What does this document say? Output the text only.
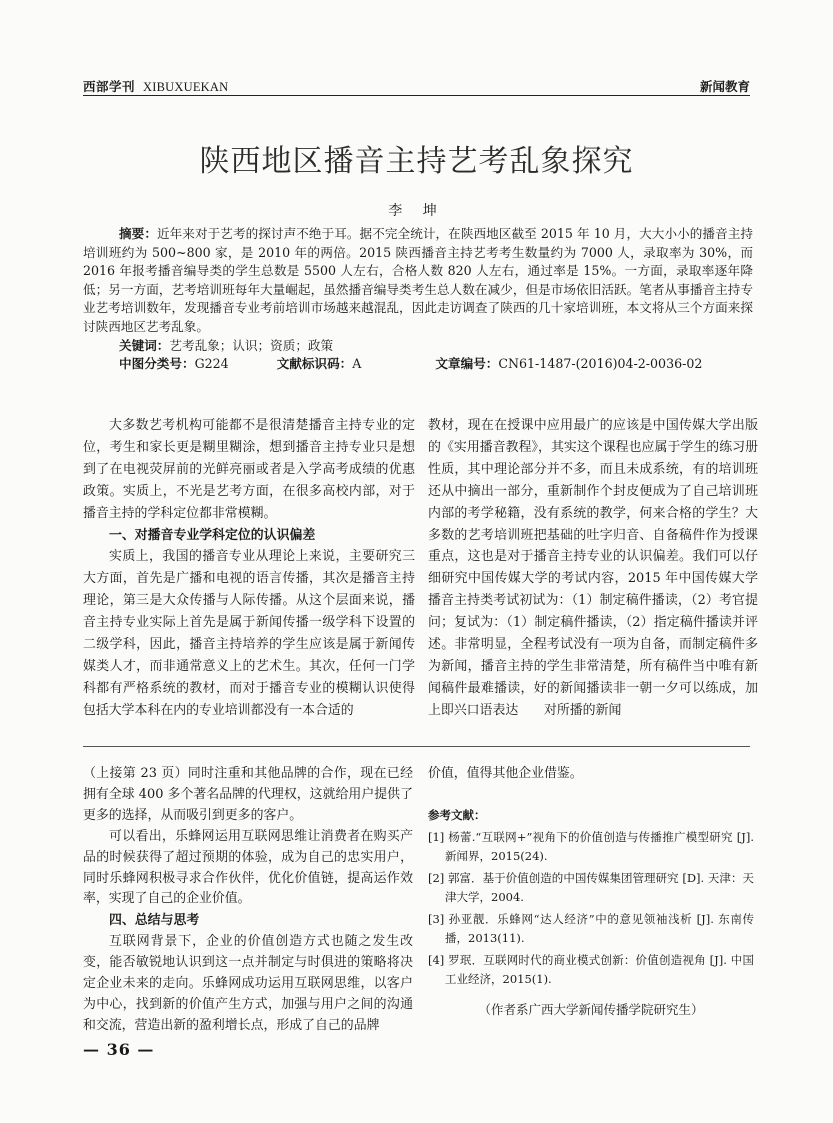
西部学刊 XIBUXUEKAN	新闻教育
陕西地区播音主持艺考乱象探究
李 坤
摘要：近年来对于艺考的探讨声不绝于耳。据不完全统计，在陕西地区截至 2015 年 10 月，大大小小的播音主持培训班约为 500~800 家，是 2010 年的两倍。2015 陕西播音主持艺考考生数量约为 7000 人，录取率为 30%，而 2016 年报考播音编导类的学生总数是 5500 人左右，合格人数 820 人左右，通过率是 15%。一方面，录取率逐年降低；另一方面，艺考培训班每年大量崛起，虽然播音编导类考生总人数在减少，但是市场依旧活跃。笔者从事播音主持专业艺考培训数年，发现播音专业考前培训市场越来越混乱，因此走访调查了陕西的几十家培训班，本文将从三个方面来探讨陕西地区艺考乱象。
关键词：艺考乱象；认识；资质；政策
中图分类号：G224	文献标识码：A	文章编号：CN61-1487-(2016)04-2-0036-02

大多数艺考机构可能都不是很清楚播音主持专业的定位，考生和家长更是糊里糊涂，想到播音主持专业只是想到了在电视荧屏前的光鲜亮丽或者是入学高考成绩的优惠政策。实质上，不光是艺考方面，在很多高校内部，对于播音主持的学科定位都非常模糊。

一、对播音专业学科定位的认识偏差

实质上，我国的播音专业从理论上来说，主要研究三大方面，首先是广播和电视的语言传播，其次是播音主持理论，第三是大众传播与人际传播。从这个层面来说，播音主持专业实际上首先是属于新闻传播一级学科下设置的二级学科，因此，播音主持培养的学生应该是属于新闻传媒类人才，而非通常意义上的艺术生。其次，任何一门学科都有严格系统的教材，而对于播音专业的模糊认识使得包括大学本科在内的专业培训都没有一本合适的

教材，现在在授课中应用最广的应该是中国传媒大学出版的《实用播音教程》，其实这个课程也应属于学生的练习册性质，其中理论部分并不多，而且未成系统，有的培训班还从中摘出一部分，重新制作个封皮便成为了自己培训班内部的考学秘籍，没有系统的教学，何来合格的学生？大多数的艺考培训班把基础的吐字归音、自备稿件作为授课重点，这也是对于播音主持专业的认识偏差。我们可以仔细研究中国传媒大学的考试内容，2015 年中国传媒大学播音主持类考试初试为：（1）制定稿件播读，（2）考官提问；复试为：（1）制定稿件播读，（2）指定稿件播读并评述。非常明显，全程考试没有一项为自备，而制定稿件多为新闻，播音主持的学生非常清楚，所有稿件当中唯有新闻稿件最难播读，好的新闻播读非一朝一夕可以练成，加上即兴口语表达　　对所播的新闻

（上接第 23 页）同时注重和其他品牌的合作，现在已经拥有全球 400 多个著名品牌的代理权，这就给用户提供了更多的选择，从而吸引到更多的客户。

可以看出，乐蜂网运用互联网思维让消费者在购买产品的时候获得了超过预期的体验，成为自己的忠实用户，同时乐蜂网积极寻求合作伙伴，优化价值链，提高运作效率，实现了自己的企业价值。

四、总结与思考

互联网背景下，企业的价值创造方式也随之发生改变，能否敏锐地认识到这一点并制定与时俱进的策略将决定企业未来的走向。乐蜂网成功运用互联网思维，以客户为中心，找到新的价值产生方式，加强与用户之间的沟通和交流，营造出新的盈利增长点，形成了自己的品牌

价值，值得其他企业借鉴。

参考文献：
[1] 杨蕾.“互联网+”视角下的价值创造与传播推广模型研究 [J]. 新闻界，2015(24).
[2] 郭富．基于价值创造的中国传媒集团管理研究 [D]. 天津：天津大学，2004.
[3] 孙亚靓．乐蜂网“达人经济”中的意见领袖浅析 [J]. 东南传播，2013(11).
[4] 罗珉．互联网时代的商业模式创新：价值创造视角 [J]. 中国工业经济，2015(1).
（作者系广西大学新闻传播学院研究生）
— 36 —
